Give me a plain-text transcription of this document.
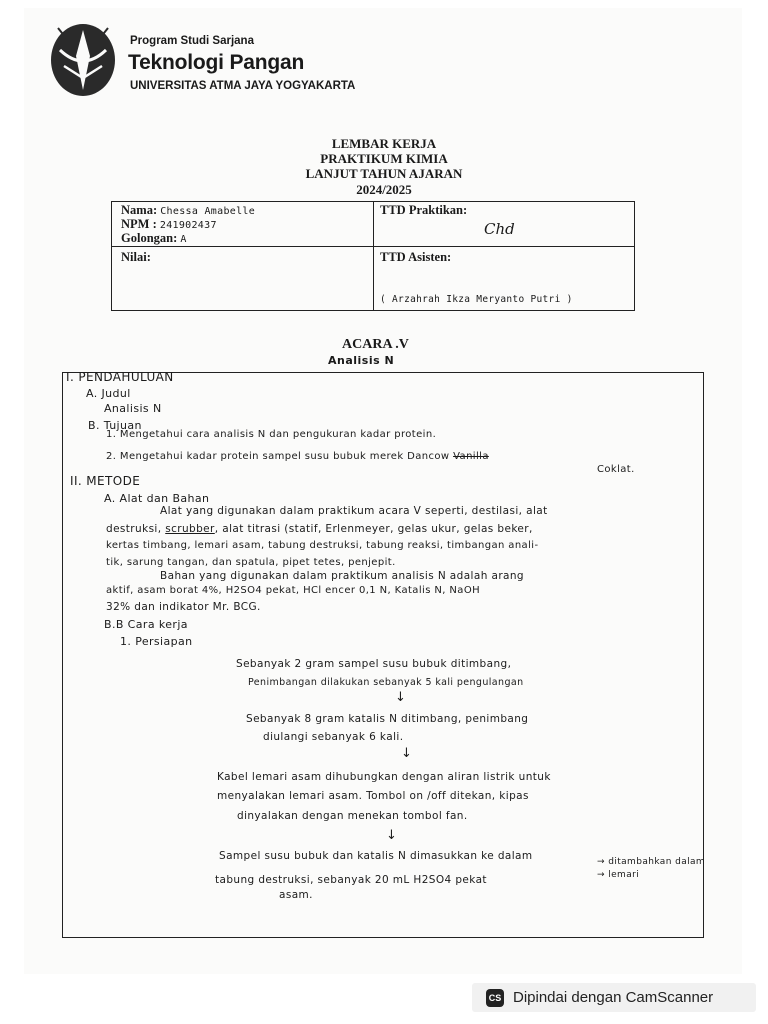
Program Studi Sarjana
Teknologi Pangan
UNIVERSITAS ATMA JAYA YOGYAKARTA
LEMBAR KERJA
PRAKTIKUM KIMIA
LANJUT TAHUN AJARAN
2024/2025
Nama: Chessa Amabelle
NPM : 241902437
Golongan: A
TTD Praktikan:
Chd
Nilai:	TTD Asisten:
( Arzahrah Ikza Meryanto Putri )
ACARA .V
Analisis N
I. PENDAHULUAN
A. Judul
Analisis N
B. Tujuan
1. Mengetahui cara analisis N dan pengukuran kadar protein.
2. Mengetahui kadar protein sampel susu bubuk merek Dancow Vanilla
Coklat.
II. METODE
A. Alat dan Bahan
Alat yang digunakan dalam praktikum acara V seperti, destilasi, alat
destruksi, scrubber, alat titrasi (statif, Erlenmeyer, gelas ukur, gelas beker,
kertas timbang, lemari asam, tabung destruksi, tabung reaksi, timbangan anali-
tik, sarung tangan, dan spatula, pipet tetes, penjepit.
Bahan yang digunakan dalam praktikum analisis N adalah arang
aktif, asam borat 4%, H2SO4 pekat, HCl encer 0,1 N, Katalis N, NaOH
32% dan indikator Mr. BCG.
B.B Cara kerja
1. Persiapan
Sebanyak 2 gram sampel susu bubuk ditimbang,
Penimbangan dilakukan sebanyak 5 kali pengulangan
↓
Sebanyak 8 gram katalis N ditimbang, penimbang
diulangi sebanyak 6 kali.
↓
Kabel lemari asam dihubungkan dengan aliran listrik untuk
menyalakan lemari asam. Tombol on /off ditekan, kipas
dinyalakan dengan menekan tombol fan.
↓
Sampel susu bubuk dan katalis N dimasukkan ke dalam
tabung destruksi, sebanyak 20 mL H2SO4 pekat
asam.
→ ditambahkan dalam
→ lemari
CS Dipindai dengan CamScanner
